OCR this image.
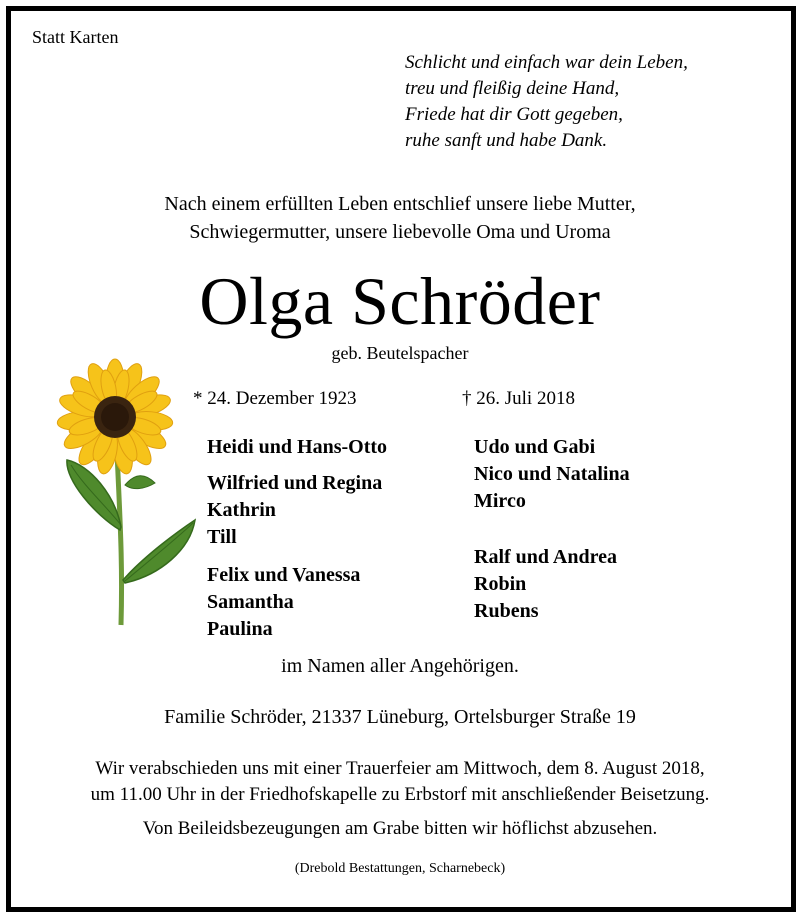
Statt Karten
Schlicht und einfach war dein Leben,
treu und fleißig deine Hand,
Friede hat dir Gott gegeben,
ruhe sanft und habe Dank.
Nach einem erfüllten Leben entschlief unsere liebe Mutter,
Schwiegermutter, unsere liebevolle Oma und Uroma
Olga Schröder
geb. Beutelspacher
* 24. Dezember 1923	† 26. Juli 2018
Heidi und Hans-Otto
Wilfried und Regina
Kathrin
Till
Felix und Vanessa
Samantha
Paulina
Udo und Gabi
Nico und Natalina
Mirco
Ralf und Andrea
Robin
Rubens
im Namen aller Angehörigen.
Familie Schröder, 21337 Lüneburg, Ortelsburger Straße 19
Wir verabschieden uns mit einer Trauerfeier am Mittwoch, dem 8. August 2018,
um 11.00 Uhr in der Friedhofskapelle zu Erbstorf mit anschließender Beisetzung.
Von Beileidsbezeugungen am Grabe bitten wir höflichst abzusehen.
(Drebold Bestattungen, Scharnebeck)
